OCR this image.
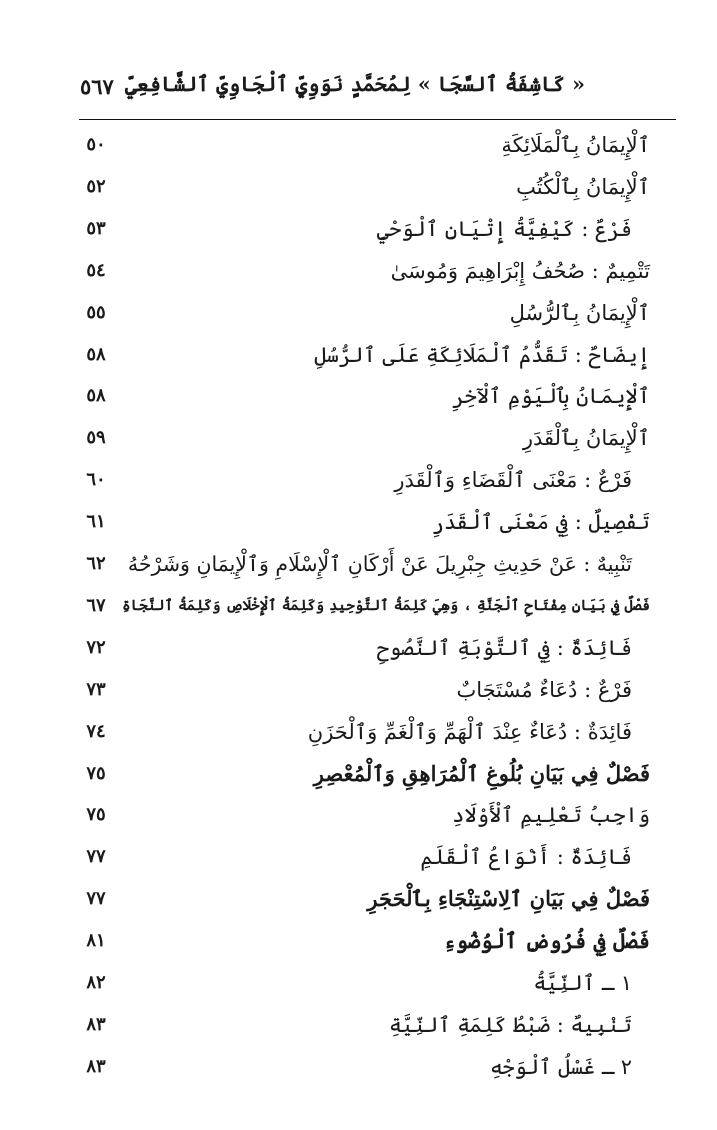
٥٦٧ « كَاشِفَةُ ٱلسَّجَا » لِمُحَمَّدٍ نَوَوِيٍّ ٱلْجَاوِيِّ ٱلشَّافِعِيِّ
ٱلْإِيمَانُ بِٱلْمَلَائِكَةِ
٥٠
ٱلْإِيمَانُ بِٱلْكُتُبِ
٥٢
فَرْعٌ : كَيْفِيَّةُ إِتْيَانِ ٱلْوَحْيِ
٥٣
تَتْمِيمٌ : صُحُفُ إِبْرَاهِيمَ وَمُوسَىٰ
٥٤
ٱلْإِيمَانُ بِٱلرُّسُلِ
٥٥
إِيضَاحٌ : تَقَدُّمُ ٱلْمَلَائِكَةِ عَلَى ٱلرُّسُلِ
٥٨
ٱلْإِيمَانُ بِٱلْيَوْمِ ٱلْآخِرِ
٥٨
ٱلْإِيمَانُ بِٱلْقَدَرِ
٥٩
فَرْعٌ : مَعْنَى ٱلْقَضَاءِ وَٱلْقَدَرِ
٦٠
تَفْصِيلٌ : فِي مَعْنَى ٱلْقَدَرِ
٦١
تَنْبِيهٌ : عَنْ حَدِيثِ جِبْرِيلَ عَنْ أَرْكَانِ ٱلْإِسْلَامِ وَٱلْإِيمَانِ وَشَرْحُهُ
٦٢
فَصْلٌ فِي بَيَانِ مِفْتَاحِ ٱلْجَنَّةِ ، وَهِيَ كَلِمَةُ ٱلتَّوْحِيدِ وَكَلِمَةُ ٱلْإِخْلَاصِ وَكَلِمَةُ ٱلنَّجَاةِ
٦٧
فَائِدَةٌ : فِي ٱلتَّوْبَةِ ٱلنَّصُوحِ
٧٢
فَرْعٌ : دُعَاءٌ مُسْتَجَابٌ
٧٣
فَائِدَةٌ : دُعَاءٌ عِنْدَ ٱلْهَمِّ وَٱلْغَمِّ وَٱلْحَزَنِ
٧٤
فَصْلٌ فِي بَيَانِ بُلُوغِ ٱلْمُرَاهِقِ وَٱلْمُعْصِرِ
٧٥
وَاجِبُ تَعْلِيمِ ٱلْأَوْلَادِ
٧٥
فَائِدَةٌ : أَنْوَاعُ ٱلْقَلَمِ
٧٧
فَصْلٌ فِي بَيَانِ ٱلِاسْتِنْجَاءِ بِٱلْحَجَرِ
٧٧
فَصْلٌ فِي فُرُوضِ ٱلْوُضُوءِ
٨١
١ ـ ٱلنِّيَّةُ
٨٢
تَنْبِيهٌ : ضَبْطُ كَلِمَةِ ٱلنِّيَّةِ
٨٣
٢ ـ غَسْلُ ٱلْوَجْهِ
٨٣
